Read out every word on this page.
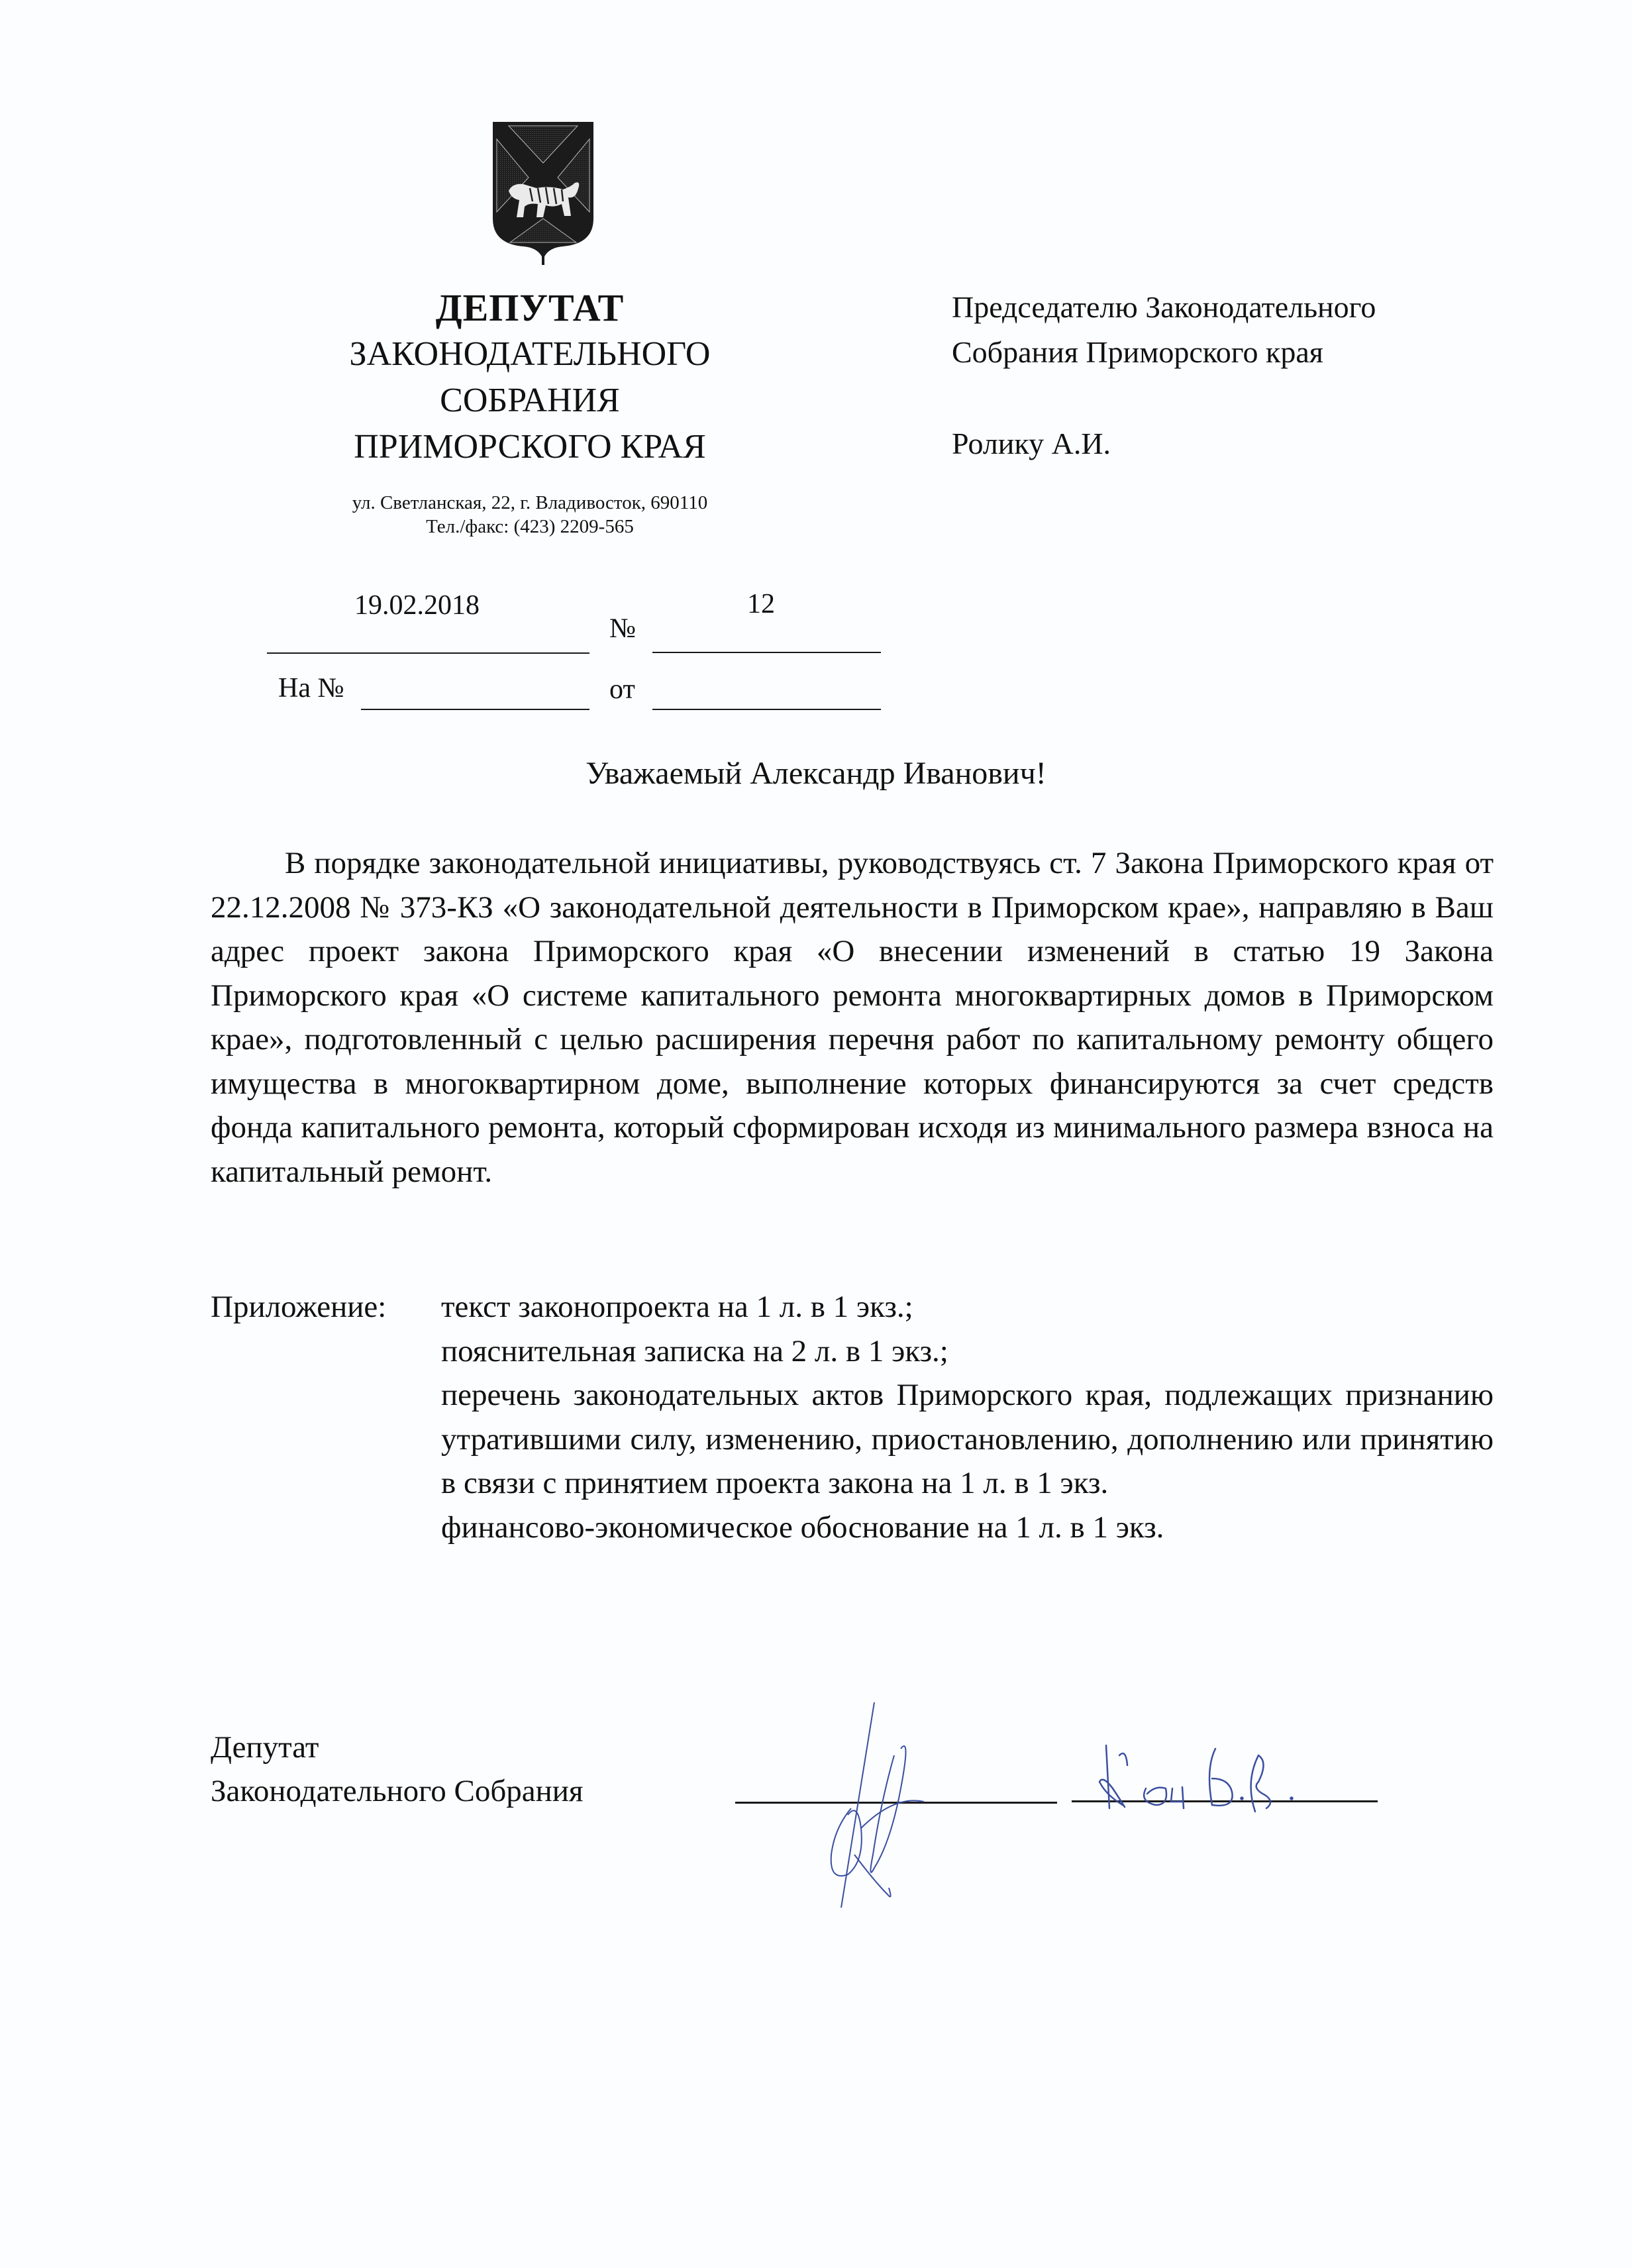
ДЕПУТАТ
ЗАКОНОДАТЕЛЬНОГО
СОБРАНИЯ
ПРИМОРСКОГО КРАЯ
ул. Светланская, 22, г. Владивосток, 690110
Тел./факс: (423) 2209-565
Председателю Законодательного
Собрания Приморского края
Ролику А.И.
19.02.2018
№
12
На №	от
Уважаемый Александр Иванович!
В порядке законодательной инициативы, руководствуясь ст. 7 Закона Приморского края от 22.12.2008 № 373-КЗ «О законодательной деятельности в Приморском крае», направляю в Ваш адрес проект закона Приморского края «О внесении изменений в статью 19 Закона Приморского края «О системе капитального ремонта многоквартирных домов в Приморском крае», подготовленный с целью расширения перечня работ по капитальному ремонту общего имущества в многоквартирном доме, выполнение которых финансируются за счет средств фонда капитального ремонта, который сформирован исходя из минимального размера взноса на капитальный ремонт.
Приложение: текст законопроекта на 1 л. в 1 экз.;
пояснительная записка на 2 л. в 1 экз.;
перечень законодательных актов Приморского края, подлежащих признанию утратившими силу, изменению, приостановлению, дополнению или принятию в связи с принятием проекта закона на 1 л. в 1 экз.
финансово-экономическое обоснование на 1 л. в 1 экз.
Депутат
Законодательного Собрания
